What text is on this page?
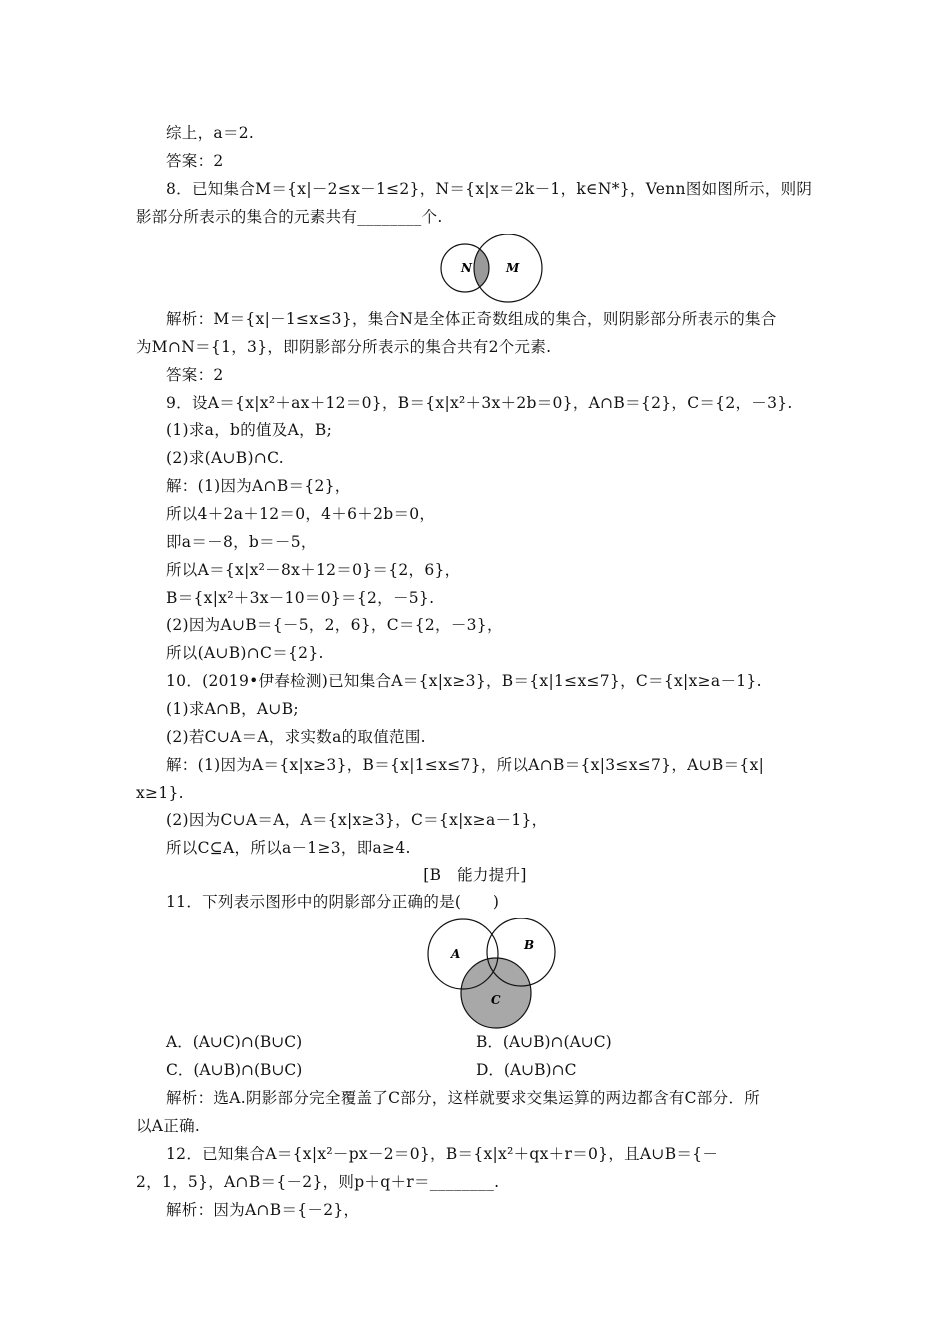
综上，a＝2.
答案：2
8．已知集合M＝{x|－2≤x－1≤2}，N＝{x|x＝2k－1，k∈N*}，Venn图如图所示，则阴
影部分所表示的集合的元素共有________个.
N	M
解析：M＝{x|－1≤x≤3}，集合N是全体正奇数组成的集合，则阴影部分所表示的集合
为M∩N＝{1，3}，即阴影部分所表示的集合共有2个元素.
答案：2
9．设A＝{x|x²＋ax＋12＝0}，B＝{x|x²＋3x＋2b＝0}，A∩B＝{2}，C＝{2，－3}.
(1)求a，b的值及A，B;
(2)求(A∪B)∩C.
解：(1)因为A∩B＝{2}，
所以4＋2a＋12＝0，4＋6＋2b＝0，
即a＝－8，b＝－5，
所以A＝{x|x²－8x＋12＝0}＝{2，6}，
B＝{x|x²＋3x－10＝0}＝{2，－5}.
(2)因为A∪B＝{－5，2，6}，C＝{2，－3}，
所以(A∪B)∩C＝{2}.
10．(2019•伊春检测)已知集合A＝{x|x≥3}，B＝{x|1≤x≤7}，C＝{x|x≥a－1}.
(1)求A∩B，A∪B;
(2)若C∪A＝A，求实数a的取值范围.
解：(1)因为A＝{x|x≥3}，B＝{x|1≤x≤7}，所以A∩B＝{x|3≤x≤7}，A∪B＝{x|
x≥1}.
(2)因为C∪A＝A，A＝{x|x≥3}，C＝{x|x≥a－1}，
所以C⊆A，所以a－1≥3，即a≥4.
[B　能力提升]
11．下列表示图形中的阴影部分正确的是(　　)
A
B
C
A．(A∪C)∩(B∪C)	B．(A∪B)∩(A∪C)
C．(A∪B)∩(B∪C)	D．(A∪B)∩C
解析：选A.阴影部分完全覆盖了C部分，这样就要求交集运算的两边都含有C部分．所
以A正确.
12．已知集合A＝{x|x²－px－2＝0}，B＝{x|x²＋qx＋r＝0}，且A∪B＝{－
2，1，5}，A∩B＝{－2}，则p＋q＋r＝________.
解析：因为A∩B＝{－2}，
